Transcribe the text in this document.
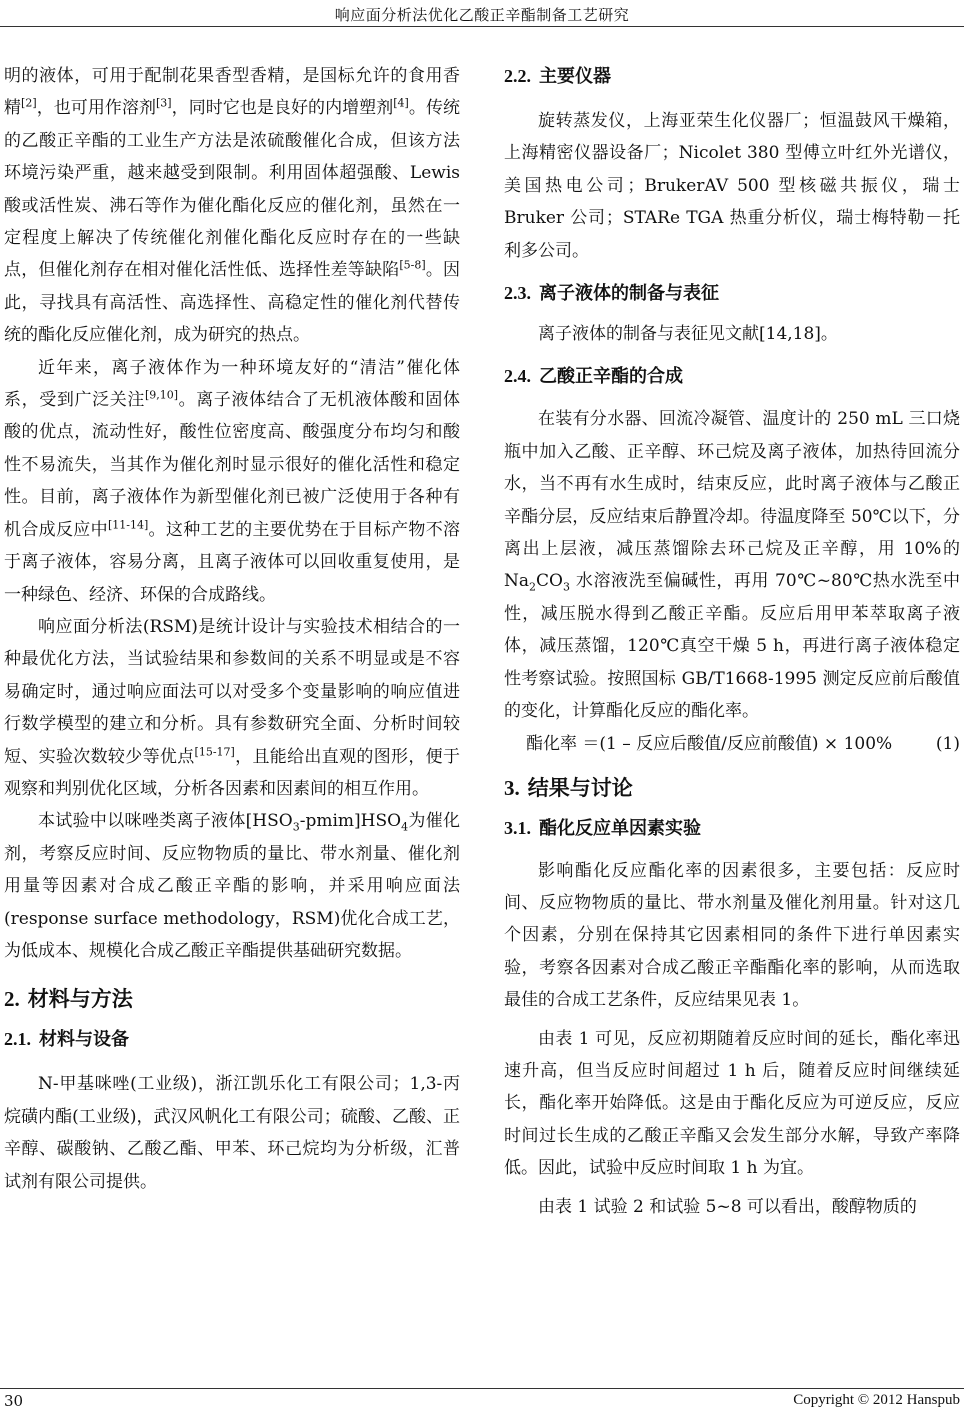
响应面分析法优化乙酸正辛酯制备工艺研究

明的液体，可用于配制花果香型香精，是国标允许的食用香精[2]，也可用作溶剂[3]，同时它也是良好的内增塑剂[4]。传统的乙酸正辛酯的工业生产方法是浓硫酸催化合成，但该方法环境污染严重，越来越受到限制。利用固体超强酸、Lewis 酸或活性炭、沸石等作为催化酯化反应的催化剂，虽然在一定程度上解决了传统催化剂催化酯化反应时存在的一些缺点，但催化剂存在相对催化活性低、选择性差等缺陷[5-8]。因此，寻找具有高活性、高选择性、高稳定性的催化剂代替传统的酯化反应催化剂，成为研究的热点。

近年来，离子液体作为一种环境友好的“清洁”催化体系，受到广泛关注[9,10]。离子液体结合了无机液体酸和固体酸的优点，流动性好，酸性位密度高、酸强度分布均匀和酸性不易流失，当其作为催化剂时显示很好的催化活性和稳定性。目前，离子液体作为新型催化剂已被广泛使用于各种有机合成反应中[11-14]。这种工艺的主要优势在于目标产物不溶于离子液体，容易分离，且离子液体可以回收重复使用，是一种绿色、经济、环保的合成路线。

响应面分析法(RSM)是统计设计与实验技术相结合的一种最优化方法，当试验结果和参数间的关系不明显或是不容易确定时，通过响应面法可以对受多个变量影响的响应值进行数学模型的建立和分析。具有参数研究全面、分析时间较短、实验次数较少等优点[15-17]，且能给出直观的图形，便于观察和判别优化区域，分析各因素和因素间的相互作用。

本试验中以咪唑类离子液体$[HSO_3-pmim]HSO_4$为催化剂，考察反应时间、反应物物质的量比、带水剂量、催化剂用量等因素对合成乙酸正辛酯的影响，并采用响应面法(response surface methodology，RSM)优化合成工艺，为低成本、规模化合成乙酸正辛酯提供基础研究数据。

2. 材料与方法
2.1. 材料与设备

N-甲基咪唑(工业级)，浙江凯乐化工有限公司；1,3-丙烷磺内酯(工业级)，武汉风帆化工有限公司；硫酸、乙酸、正辛醇、碳酸钠、乙酸乙酯、甲苯、环己烷均为分析级，汇普试剂有限公司提供。

2.2. 主要仪器

旋转蒸发仪，上海亚荣生化仪器厂；恒温鼓风干燥箱，上海精密仪器设备厂；Nicolet 380 型傅立叶红外光谱仪，美国热电公司；BrukerAV 500 型核磁共振仪，瑞士 Bruker 公司；STARe TGA 热重分析仪，瑞士梅特勒－托利多公司。

2.3. 离子液体的制备与表征

离子液体的制备与表征见文献[14,18]。

2.4. 乙酸正辛酯的合成

在装有分水器、回流冷凝管、温度计的 250 mL 三口烧瓶中加入乙酸、正辛醇、环己烷及离子液体，加热待回流分水，当不再有水生成时，结束反应，此时离子液体与乙酸正辛酯分层，反应结束后静置冷却。待温度降至 50℃以下，分离出上层液，减压蒸馏除去环己烷及正辛醇，用 10%的 $Na_2CO_3$ 水溶液洗至偏碱性，再用 70℃~80℃热水洗至中性，减压脱水得到乙酸正辛酯。反应后用甲苯萃取离子液体，减压蒸馏，120℃真空干燥 5 h，再进行离子液体稳定性考察试验。按照国标 GB/T1668-1995 测定反应前后酸值的变化，计算酯化反应的酯化率。

酯化率 ＝(1 – 反应后酸值/反应前酸值) × 100%	(1)
3. 结果与讨论
3.1. 酯化反应单因素实验

影响酯化反应酯化率的因素很多，主要包括：反应时间、反应物物质的量比、带水剂量及催化剂用量。针对这几个因素，分别在保持其它因素相同的条件下进行单因素实验，考察各因素对合成乙酸正辛酯酯化率的影响，从而选取最佳的合成工艺条件，反应结果见表 1。

由表 1 可见，反应初期随着反应时间的延长，酯化率迅速升高，但当反应时间超过 1 h 后，随着反应时间继续延长，酯化率开始降低。这是由于酯化反应为可逆反应，反应时间过长生成的乙酸正辛酯又会发生部分水解，导致产率降低。因此，试验中反应时间取 1 h 为宜。

由表 1 试验 2 和试验 5~8 可以看出，酸醇物质的

30	Copyright © 2012 Hanspub
